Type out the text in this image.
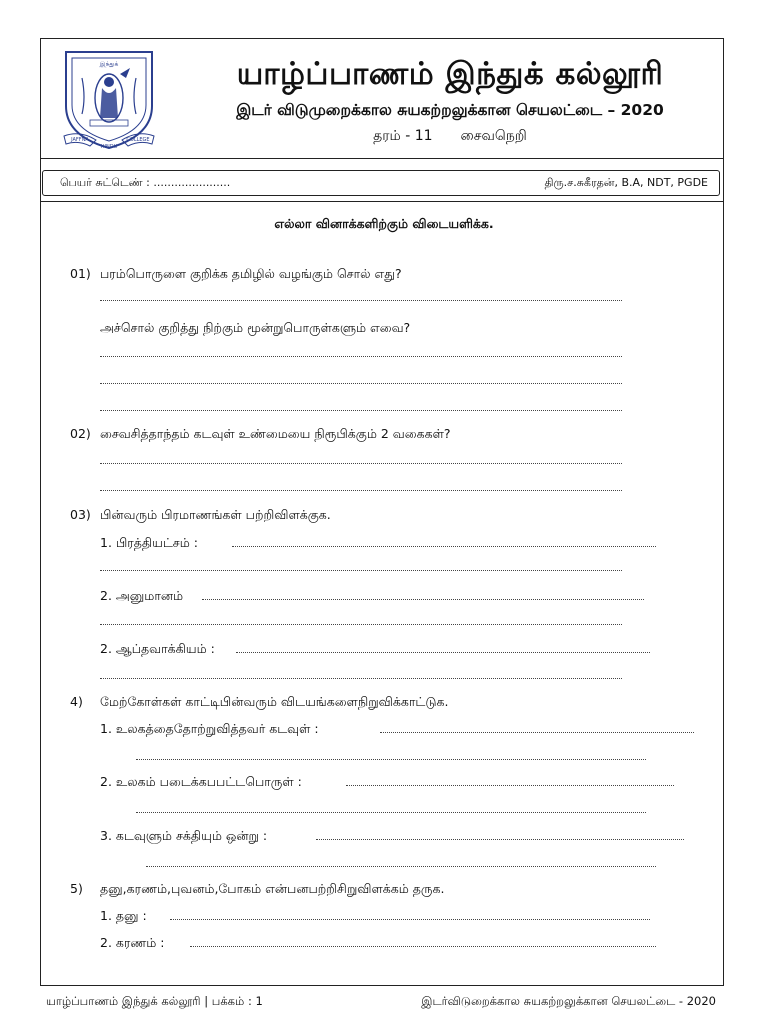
இந்துக்
JAFFNA
HINDU
COLLEGE
யாழ்ப்பாணம் இந்துக் கல்லூரி
இடர் விடுமுறைக்கால சுயகற்றலுக்கான செயலட்டை – 2020
தரம் - 11 சைவநெறி
பெயர் சுட்டெண் : ......................	திரு.ச.சுகீரதன், B.A, NDT, PGDE
எல்லா வினாக்களிற்கும் விடையளிக்க.
01) பரம்பொருளை குறிக்க தமிழில் வழங்கும் சொல் எது?
அச்சொல் குறித்து நிற்கும் மூன்றுபொருள்களும் எவை?
02) சைவசித்தாந்தம் கடவுள் உண்மையை நிரூபிக்கும் 2 வகைகள்?
03) பின்வரும் பிரமாணங்கள் பற்றிவிளக்குக.
1. பிரத்தியட்சம் :
2. அனுமானம்
2. ஆப்தவாக்கியம் :
4) மேற்கோள்கள் காட்டிபின்வரும் விடயங்களைநிறுவிக்காட்டுக.
1. உலகத்தைதோற்றுவித்தவர் கடவுள் :
2. உலகம் படைக்கபபட்டபொருள் :
3. கடவுளும் சக்தியும் ஒன்று :
5) தனு,கரணம்,புவனம்,போகம் என்பனபற்றிசிறுவிளக்கம் தருக.
1. தனு :
2. கரணம் :
யாழ்ப்பாணம் இந்துக் கல்லூரி | பக்கம் : 1	இடர்விடுறைக்கால சுயகற்றலுக்கான செயலட்டை - 2020
